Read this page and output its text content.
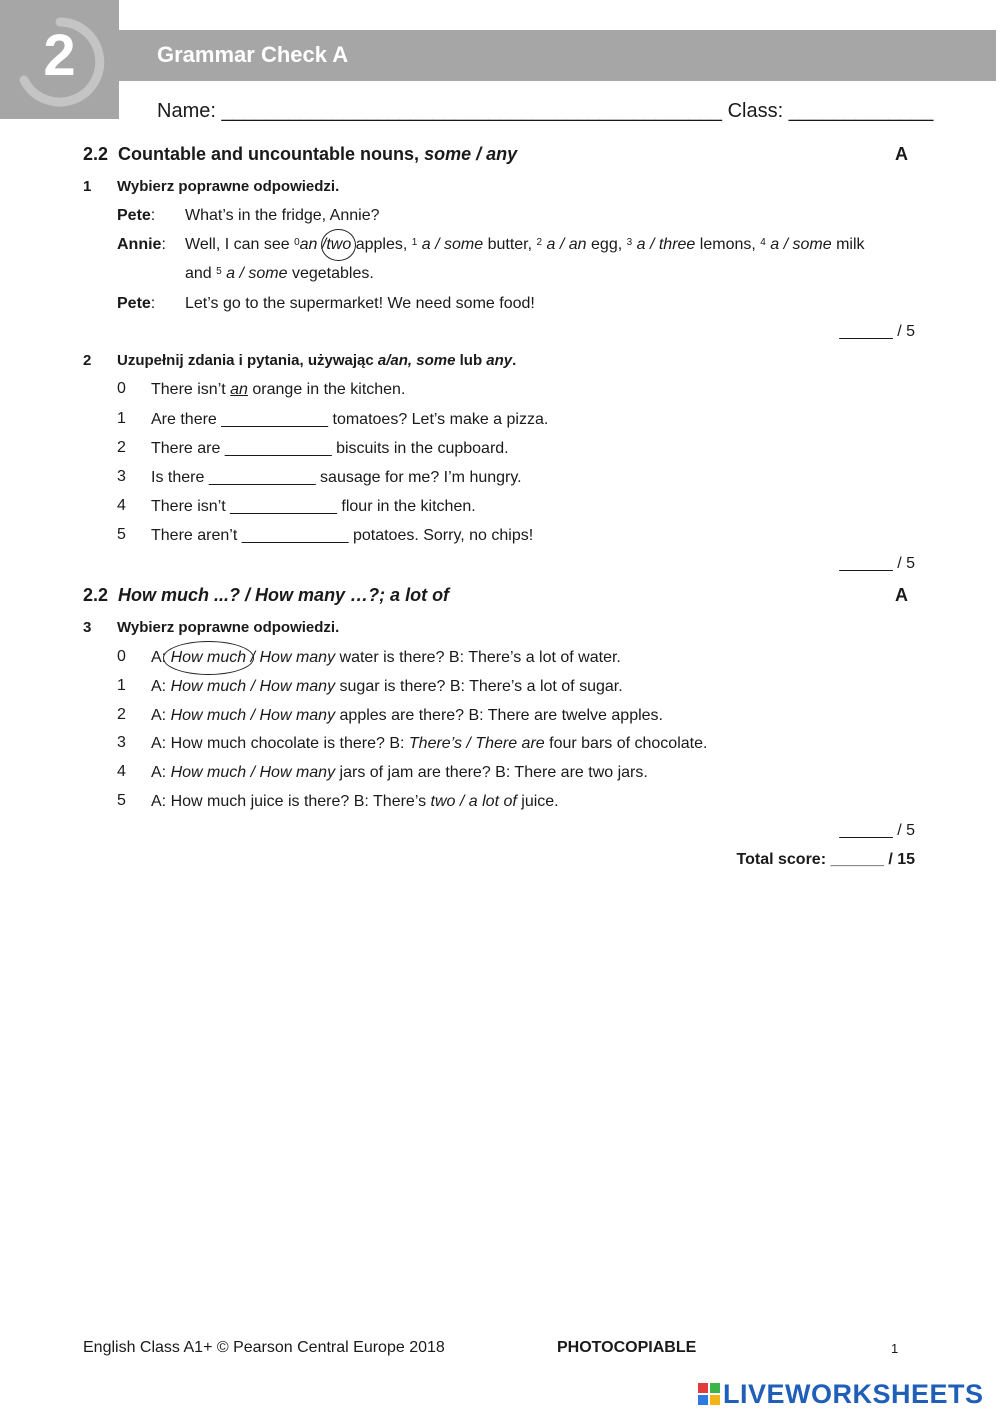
2	Grammar Check A
Name: _____________________________________________ Class: _____________
2.2 Countable and uncountable nouns, some / any	A
1 Wybierz poprawne odpowiedzi.
Pete: What’s in the fridge, Annie?
Annie: Well, I can see $^0$an /two apples, $^1$ a / some butter, $^2$ a / an egg, $^3$ a / three lemons, $^4$ a / some milk
and $^5$ a / some vegetables.
Pete: Let’s go to the supermarket! We need some food!
______ / 5
2 Uzupełnij zdania i pytania, używając a/an, some lub any.
0 There isn’t an orange in the kitchen.
1 Are there ____________ tomatoes? Let’s make a pizza.
2 There are ____________ biscuits in the cupboard.
3 Is there ____________ sausage for me? I’m hungry.
4 There isn’t ____________ flour in the kitchen.
5 There aren’t ____________ potatoes. Sorry, no chips!
______ / 5
2.2 How much ...? / How many …?; a lot of	A
3 Wybierz poprawne odpowiedzi.
0 A: How much / How many water is there? B: There’s a lot of water.
1 A: How much / How many sugar is there? B: There’s a lot of sugar.
2 A: How much / How many apples are there? B: There are twelve apples.
3 A: How much chocolate is there? B: There’s / There are four bars of chocolate.
4 A: How much / How many jars of jam are there? B: There are two jars.
5 A: How much juice is there? B: There’s two / a lot of juice.
______ / 5
Total score: ______ / 15
English Class A1+ © Pearson Central Europe 2018	PHOTOCOPIABLE	1
LIVEWORKSHEETS
